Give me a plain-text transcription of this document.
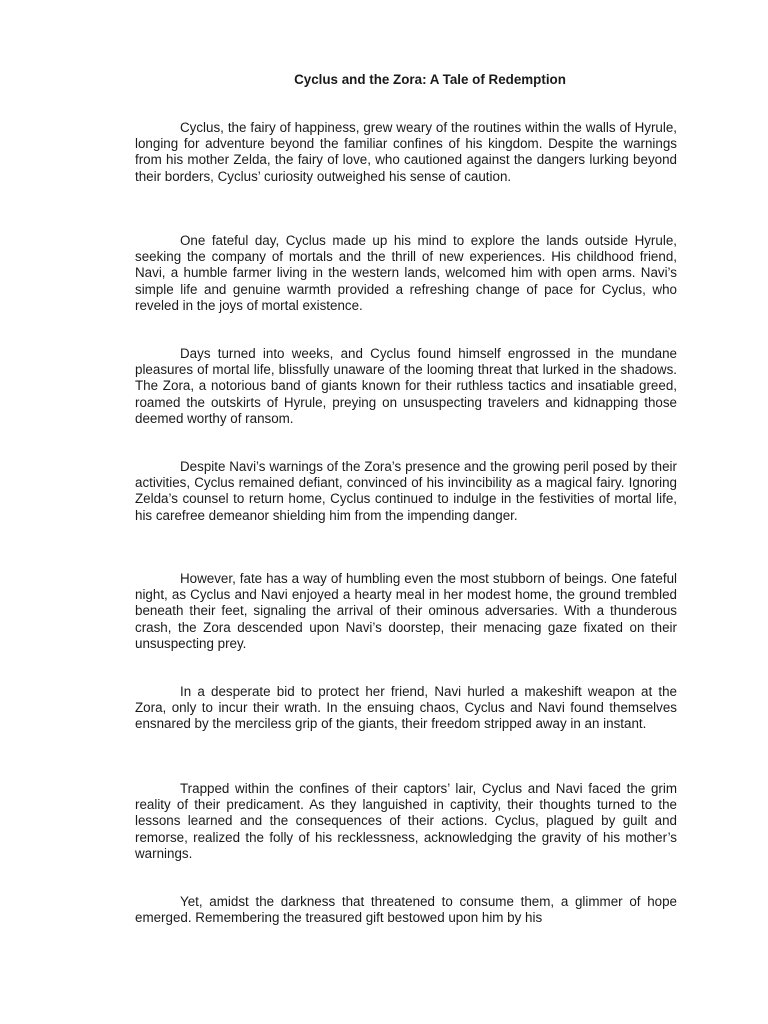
Cyclus and the Zora: A Tale of Redemption

Cyclus, the fairy of happiness, grew weary of the routines within the walls of Hyrule, longing for adventure beyond the familiar confines of his kingdom. Despite the warnings from his mother Zelda, the fairy of love, who cautioned against the dangers lurking beyond their borders, Cyclus’ curiosity outweighed his sense of caution.

One fateful day, Cyclus made up his mind to explore the lands outside Hyrule, seeking the company of mortals and the thrill of new experiences. His childhood friend, Navi, a humble farmer living in the western lands, welcomed him with open arms. Navi’s simple life and genuine warmth provided a refreshing change of pace for Cyclus, who reveled in the joys of mortal existence.

Days turned into weeks, and Cyclus found himself engrossed in the mundane pleasures of mortal life, blissfully unaware of the looming threat that lurked in the shadows. The Zora, a notorious band of giants known for their ruthless tactics and insatiable greed, roamed the outskirts of Hyrule, preying on unsuspecting travelers and kidnapping those deemed worthy of ransom.

Despite Navi’s warnings of the Zora’s presence and the growing peril posed by their activities, Cyclus remained defiant, convinced of his invincibility as a magical fairy. Ignoring Zelda’s counsel to return home, Cyclus continued to indulge in the festivities of mortal life, his carefree demeanor shielding him from the impending danger.

However, fate has a way of humbling even the most stubborn of beings. One fateful night, as Cyclus and Navi enjoyed a hearty meal in her modest home, the ground trembled beneath their feet, signaling the arrival of their ominous adversaries. With a thunderous crash, the Zora descended upon Navi’s doorstep, their menacing gaze fixated on their unsuspecting prey.

In a desperate bid to protect her friend, Navi hurled a makeshift weapon at the Zora, only to incur their wrath. In the ensuing chaos, Cyclus and Navi found themselves ensnared by the merciless grip of the giants, their freedom stripped away in an instant.

Trapped within the confines of their captors’ lair, Cyclus and Navi faced the grim reality of their predicament. As they languished in captivity, their thoughts turned to the lessons learned and the consequences of their actions. Cyclus, plagued by guilt and remorse, realized the folly of his recklessness, acknowledging the gravity of his mother’s warnings.

Yet, amidst the darkness that threatened to consume them, a glimmer of hope emerged. Remembering the treasured gift bestowed upon him by his
